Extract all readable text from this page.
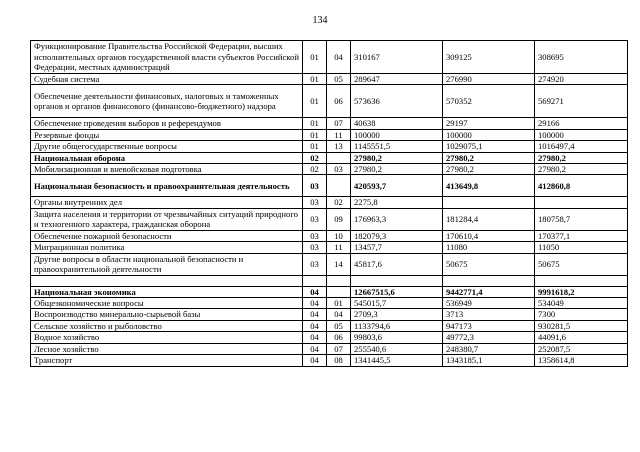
134
Функционирование Правительства Российской Федерации, высших исполнительных органов государственной власти субъектов Российской Федерации, местных администраций	01	04	310167	309125	308695
Судебная система	01	05	289647	276990	274920
Обеспечение деятельности финансовых, налоговых и таможенных органов и органов финансового (финансово-бюджетного) надзора	01	06	573636	570352	569271
Обеспечение проведения выборов и референдумов	01	07	40638	29197	29166
Резервные фонды	01	11	100000	100000	100000
Другие общегосударственные вопросы	01	13	1145551,5	1029075,1	1016497,4
Национальная оборона	02		27980,2	27980,2	27980,2
Мобилизационная и вневойсковая подготовка	02	03	27980,2	27980,2	27980,2
Национальная безопасность и правоохранительная деятельность	03		420593,7	413649,8	412860,8
Органы внутренних дел	03	02	2275,8		
Защита населения и территории от чрезвычайных ситуаций природного и техногенного характера, гражданская оборона	03	09	176963,3	181284,4	180758,7
Обеспечение пожарной безопасности	03	10	182079,3	170610,4	170377,1
Миграционная политика	03	11	13457,7	11080	11050
Другие вопросы в области национальной безопасности и правоохранительной деятельности	03	14	45817,6	50675	50675

Национальная экономика	04		12667515,6	9442771,4	9991618,2
Общеэкономические вопросы	04	01	545015,7	536949	534049
Воспроизводство минерально-сырьевой базы	04	04	2709,3	3713	7300
Сельское хозяйство и рыболовство	04	05	1133794,6	947173	930281,5
Водное хозяйство	04	06	99803,6	49772,3	44091,6
Лесное хозяйство	04	07	255540,6	248380,7	252087,5
Транспорт	04	08	1341445,5	1343185,1	1358614,8
